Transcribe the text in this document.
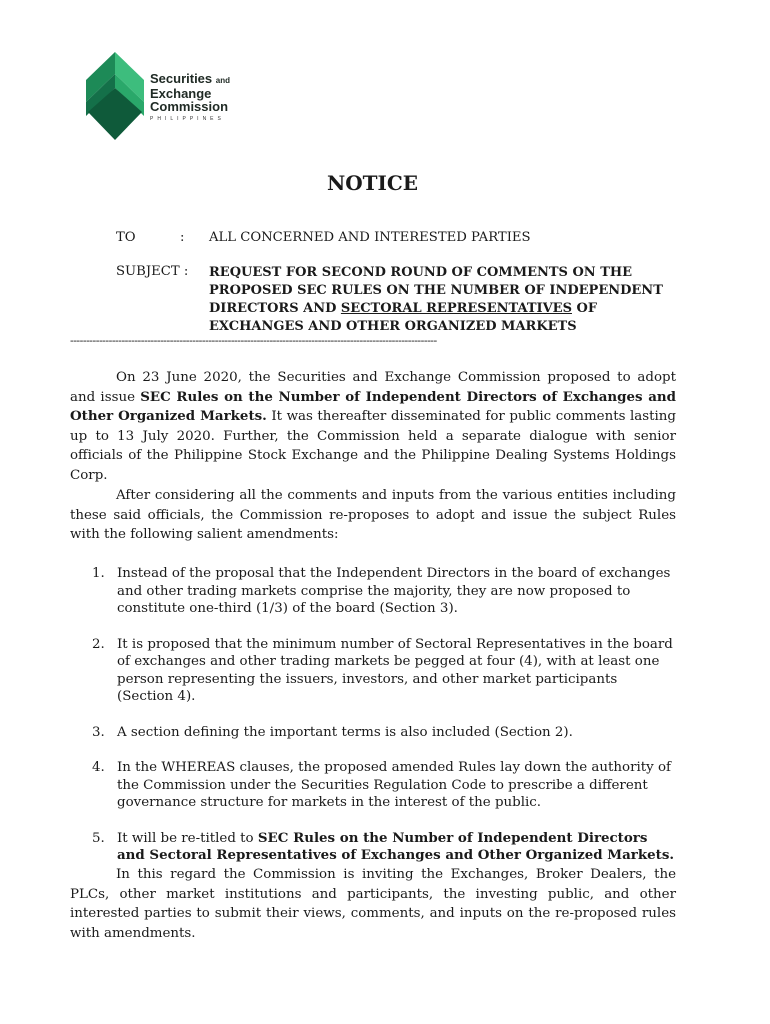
Securities and
Exchange
Commission
PHILIPPINES
NOTICE
TO	: ALL CONCERNED AND INTERESTED PARTIES
SUBJECT : REQUEST FOR SECOND ROUND OF COMMENTS ON THE PROPOSED SEC RULES ON THE NUMBER OF INDEPENDENT DIRECTORS AND SECTORAL REPRESENTATIVES OF EXCHANGES AND OTHER ORGANIZED MARKETS
------------------------------------------------------------------------------------------------------------------
On 23 June 2020, the Securities and Exchange Commission proposed to adopt and issue SEC Rules on the Number of Independent Directors of Exchanges and Other Organized Markets. It was thereafter disseminated for public comments lasting up to 13 July 2020. Further, the Commission held a separate dialogue with senior officials of the Philippine Stock Exchange and the Philippine Dealing Systems Holdings Corp.
After considering all the comments and inputs from the various entities including these said officials, the Commission re-proposes to adopt and issue the subject Rules with the following salient amendments:
1. Instead of the proposal that the Independent Directors in the board of exchanges and other trading markets comprise the majority, they are now proposed to constitute one-third (1/3) of the board (Section 3).
2. It is proposed that the minimum number of Sectoral Representatives in the board of exchanges and other trading markets be pegged at four (4), with at least one person representing the issuers, investors, and other market participants (Section 4).
3. A section defining the important terms is also included (Section 2).
4. In the WHEREAS clauses, the proposed amended Rules lay down the authority of the Commission under the Securities Regulation Code to prescribe a different governance structure for markets in the interest of the public.
5. It will be re-titled to SEC Rules on the Number of Independent Directors and Sectoral Representatives of Exchanges and Other Organized Markets.
In this regard the Commission is inviting the Exchanges, Broker Dealers, the PLCs, other market institutions and participants, the investing public, and other interested parties to submit their views, comments, and inputs on the re-proposed rules with amendments.
